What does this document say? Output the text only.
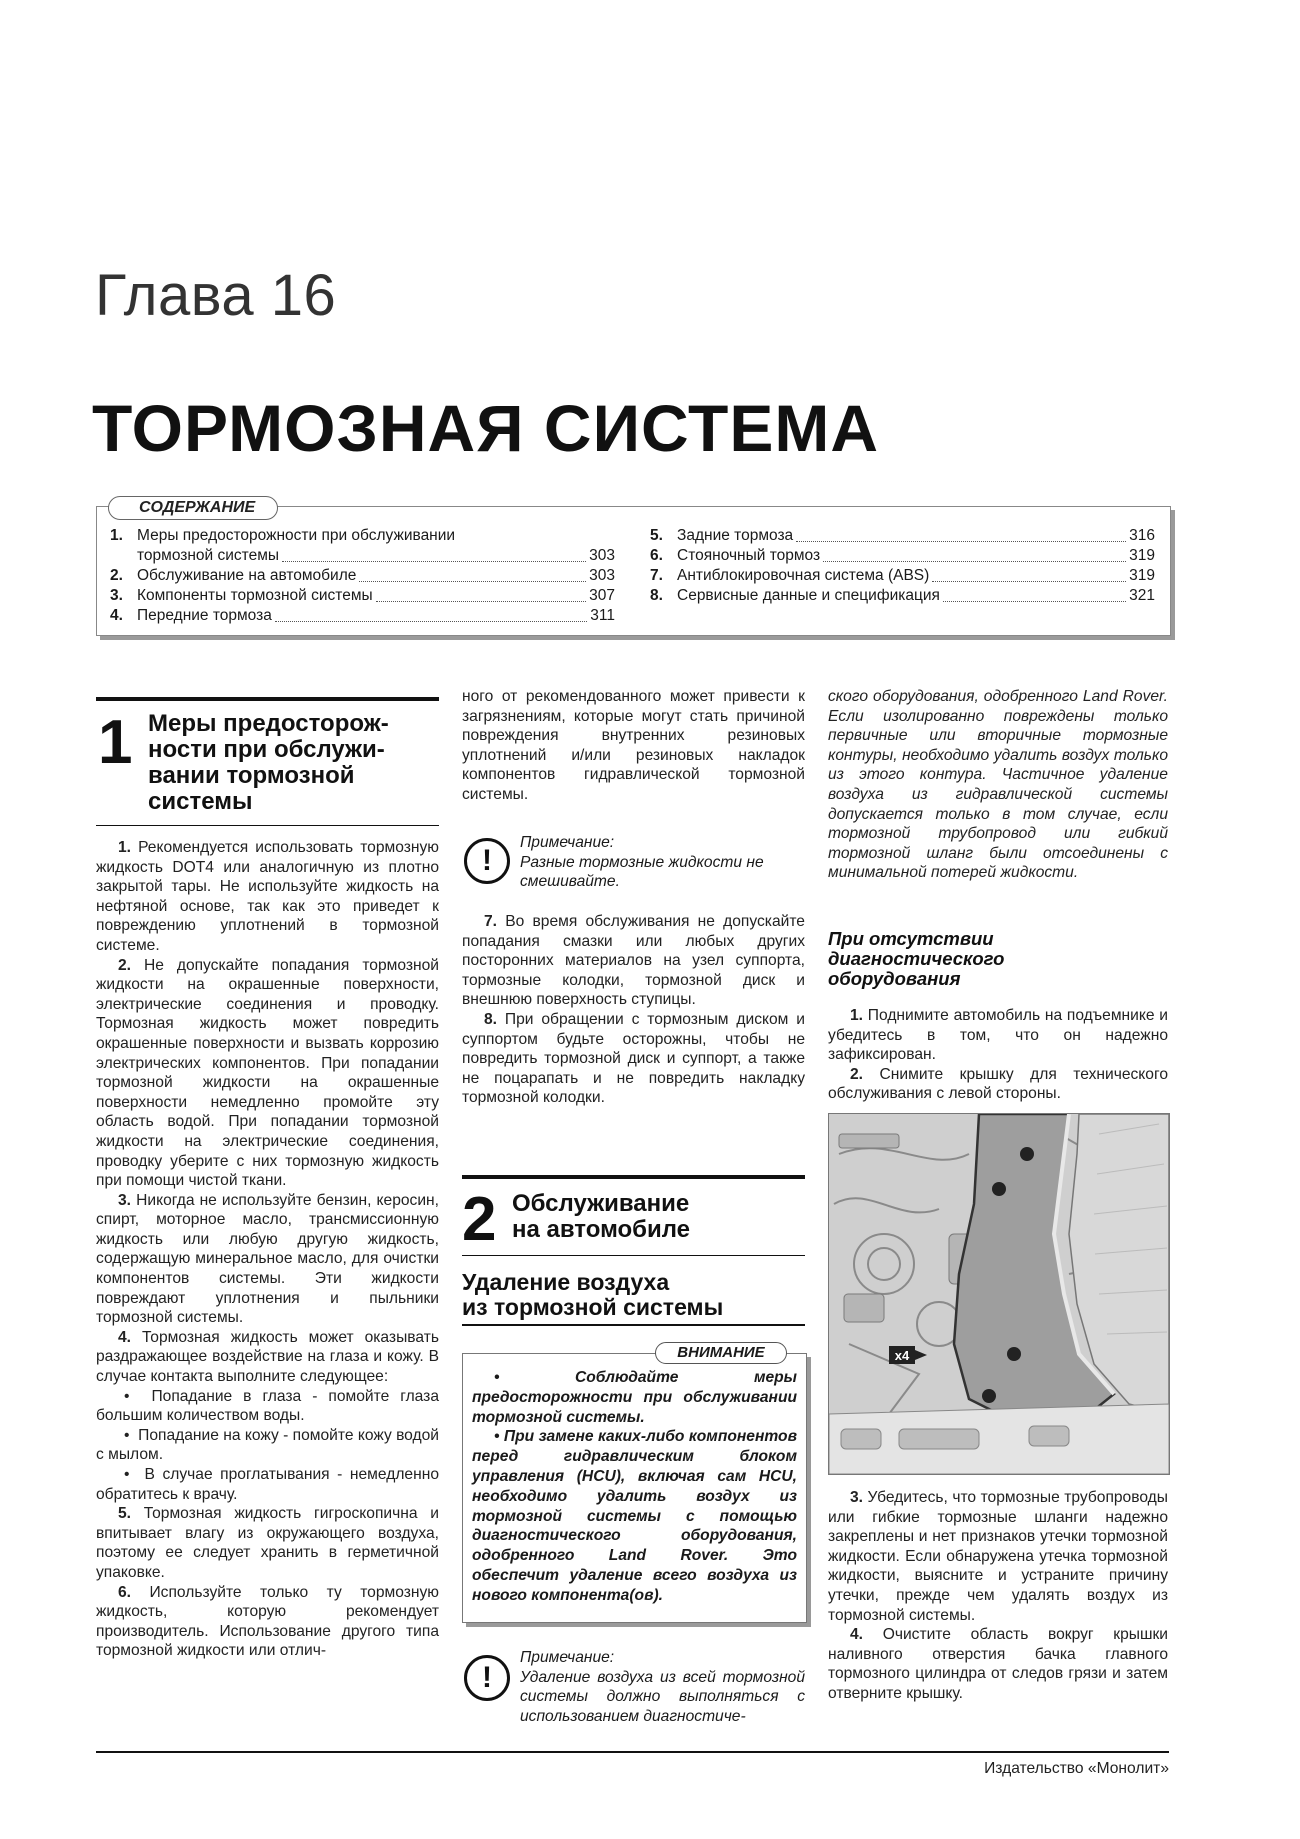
Глава 16
ТОРМОЗНАЯ СИСТЕМА
СОДЕРЖАНИЕ
1. Меры предосторожности при обслуживании
тормозной системы	303
2. Обслуживание на автомобиле	303
3. Компоненты тормозной системы	307
4. Передние тормоза	311
5. Задние тормоза	316
6. Стояночный тормоз	319
7. Антиблокировочная система (ABS)	319
8. Сервисные данные и спецификация	321
1 Меры предосторож-
ности при обслужи-
вании тормозной
системы

1. Рекомендуется использовать тормозную жидкость DOT4 или аналогичную из плотно закрытой тары. Не используйте жидкость на нефтяной основе, так как это приведет к повреждению уплотнений в тормозной системе.

2. Не допускайте попадания тормозной жидкости на окрашенные поверхности, электрические соединения и проводку. Тормозная жидкость может повредить окрашенные поверхности и вызвать коррозию электрических компонентов. При попадании тормозной жидкости на окрашенные поверхности немедленно промойте эту область водой. При попадании тормозной жидкости на электрические соединения, проводку уберите с них тормозную жидкость при помощи чистой ткани.

3. Никогда не используйте бензин, керосин, спирт, моторное масло, трансмиссионную жидкость или любую другую жидкость, содержащую минеральное масло, для очистки компонентов системы. Эти жидкости повреждают уплотнения и пыльники тормозной системы.

4. Тормозная жидкость может оказывать раздражающее воздействие на глаза и кожу. В случае контакта выполните следующее:

•  Попадание в глаза - помойте глаза большим количеством воды.

•  Попадание на кожу - помойте кожу водой с мылом.

•  В случае проглатывания - немедленно обратитесь к врачу.

5. Тормозная жидкость гигроскопична и впитывает влагу из окружающего воздуха, поэтому ее следует хранить в герметичной упаковке.

6. Используйте только ту тормозную жидкость, которую рекомендует производитель. Использование другого типа тормозной жидкости или отлич-

ного от рекомендованного может привести к загрязнениям, которые могут стать причиной повреждения внутренних резиновых уплотнений и/или резиновых накладок компонентов гидравлической тормозной системы.

!
Примечание:
Разные тормозные жидкости не смешивайте.

7. Во время обслуживания не допускайте попадания смазки или любых других посторонних материалов на узел суппорта, тормозные колодки, тормозной диск и внешнюю поверхность ступицы.

8. При обращении с тормозным диском и суппортом будьте осторожны, чтобы не повредить тормозной диск и суппорт, а также не поцарапать и не повредить накладку тормозной колодки.

2 Обслуживание
на автомобиле
Удаление воздуха
из тормозной системы
ВНИМАНИЕ

• Соблюдайте меры предосторожности при обслуживании тормозной системы.

• При замене каких-либо компонентов перед гидравлическим блоком управления (HCU), включая сам HCU, необходимо удалить воздух из тормозной системы с помощью диагностического оборудования, одобренного Land Rover. Это обеспечит удаление всего воздуха из нового компонента(ов).

!
Примечание:
Удаление воздуха из всей тормозной системы должно выполняться с использованием диагностиче-

ского оборудования, одобренного Land Rover. Если изолированно повреждены только первичные или вторичные тормозные контуры, необходимо удалить воздух только из этого контура. Частичное удаление воздуха из гидравлической системы допускается только в том случае, если тормозной трубопровод или гибкий тормозной шланг были отсоединены с минимальной потерей жидкости.

При отсутствии
диагностического
оборудования

1. Поднимите автомобиль на подъемнике и убедитесь в том, что он надежно зафиксирован.

2. Снимите крышку для технического обслуживания с левой стороны.

x4

3. Убедитесь, что тормозные трубопроводы или гибкие тормозные шланги надежно закреплены и нет признаков утечки тормозной жидкости. Если обнаружена утечка тормозной жидкости, выясните и устраните причину утечки, прежде чем удалять воздух из тормозной системы.

4. Очистите область вокруг крышки наливного отверстия бачка главного тормозного цилиндра от следов грязи и затем отверните крышку.

Издательство «Монолит»
